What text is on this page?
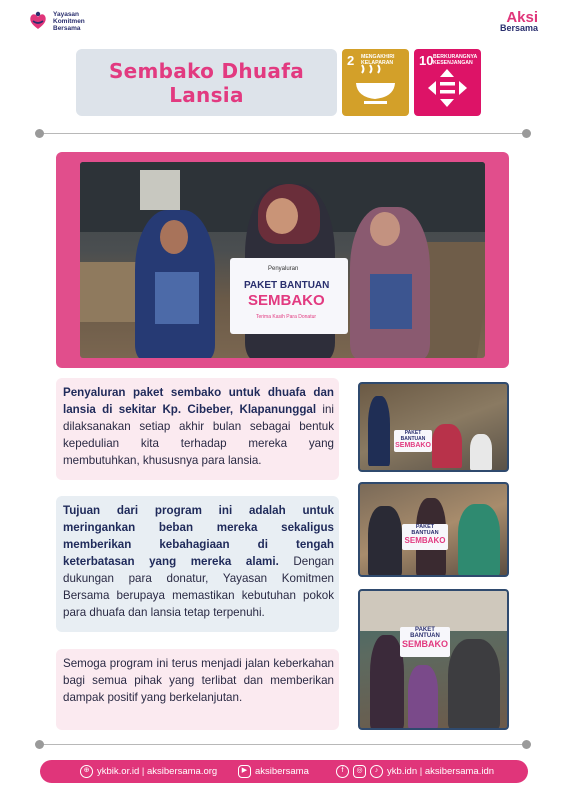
Yayasan
Komitmen
Bersama
Aksi
Bersama
Sembako Dhuafa
Lansia
2 MENGAKHIRI KELAPARAN	10 BERKURANGNYA KESENJANGAN
Penyaluran
PAKET BANTUAN
SEMBAKO
Terima Kasih Para Donatur
Penyaluran paket sembako untuk dhuafa dan lansia di sekitar Kp. Cibeber, Klapanunggal ini dilaksanakan setiap akhir bulan sebagai bentuk kepedulian kita terhadap mereka yang membutuhkan, khususnya para lansia.
Tujuan dari program ini adalah untuk meringankan beban mereka sekaligus memberikan kebahagiaan di tengah keterbatasan yang mereka alami. Dengan dukungan para donatur, Yayasan Komitmen Bersama berupaya memastikan kebutuhan pokok para dhuafa dan lansia tetap terpenuhi.
Semoga program ini terus menjadi jalan keberkahan bagi semua pihak yang terlibat dan memberikan dampak positif yang berkelanjutan.
PAKET BANTUAN
SEMBAKO
PAKET BANTUAN
SEMBAKO
PAKET BANTUAN
SEMBAKO
⊕ ykbik.or.id | aksibersama.org	▶ aksibersama	f	◎	♪ ykb.idn | aksibersama.idn
